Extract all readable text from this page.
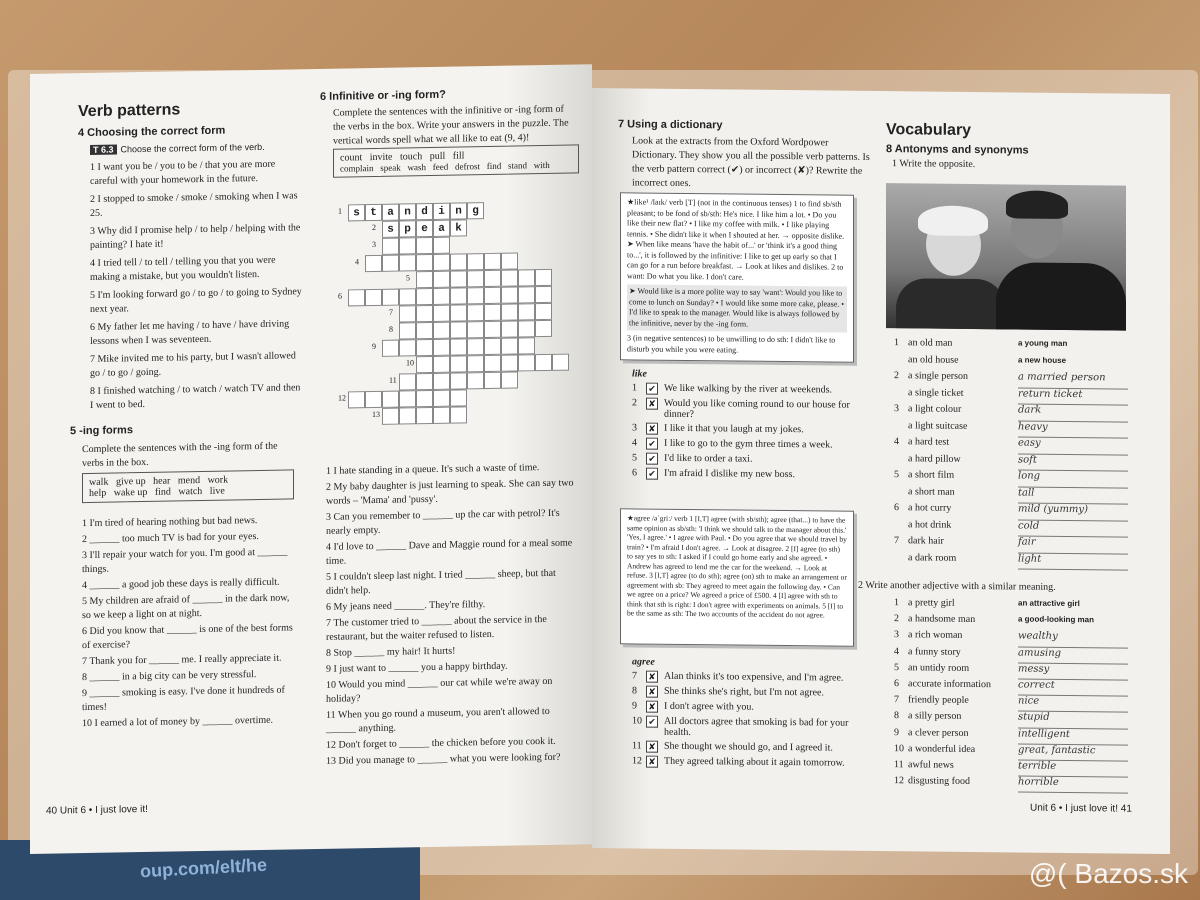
oup.com/elt/he
Verb patterns
4 Choosing the correct form
T 6.3 Choose the correct form of the verb.
1 I want you be / you to be / that you are more careful with your homework in the future.
2 I stopped to smoke / smoke / smoking when I was 25.
3 Why did I promise help / to help / helping with the painting? I hate it!
4 I tried tell / to tell / telling you that you were making a mistake, but you wouldn't listen.
5 I'm looking forward go / to go / to going to Sydney next year.
6 My father let me having / to have / have driving lessons when I was seventeen.
7 Mike invited me to his party, but I wasn't allowed go / to go / going.
8 I finished watching / to watch / watch TV and then I went to bed.
5 -ing forms
Complete the sentences with the -ing form of the verbs in the box.
walk   give up   hear   mend   work
help   wake up   find   watch   live
1 I'm tired of hearing nothing but bad news.
2 ______ too much TV is bad for your eyes.
3 I'll repair your watch for you. I'm good at ______ things.
4 ______ a good job these days is really difficult.
5 My children are afraid of ______ in the dark now, so we keep a light on at night.
6 Did you know that ______ is one of the best forms of exercise?
7 Thank you for ______ me. I really appreciate it.
8 ______ in a big city can be very stressful.
9 ______ smoking is easy. I've done it hundreds of times!
10 I earned a lot of money by ______ overtime.
6 Infinitive or -ing form?
Complete the sentences with the infinitive or -ing form of the verbs in the box. Write your answers in the puzzle. The vertical words spell what we all like to eat (9, 4)!
count   invite   touch   pull   fill
complain   speak   wash   feed   defrost   find   stand   with
1	s t a n d i n g
2	s p e a k
3
4
5
6
7
8
9
10
11
12
13
1 I hate standing in a queue. It's such a waste of time.
2 My baby daughter is just learning to speak. She can say two words – 'Mama' and 'pussy'.
3 Can you remember to ______ up the car with petrol? It's nearly empty.
4 I'd love to ______ Dave and Maggie round for a meal some time.
5 I couldn't sleep last night. I tried ______ sheep, but that didn't help.
6 My jeans need ______. They're filthy.
7 The customer tried to ______ about the service in the restaurant, but the waiter refused to listen.
8 Stop ______ my hair! It hurts!
9 I just want to ______ you a happy birthday.
10 Would you mind ______ our cat while we're away on holiday?
11 When you go round a museum, you aren't allowed to ______ anything.
12 Don't forget to ______ the chicken before you cook it.
13 Did you manage to ______ what you were looking for?
40 Unit 6 • I just love it!
7 Using a dictionary
Look at the extracts from the Oxford Wordpower Dictionary. They show you all the possible verb patterns. Is the verb pattern correct (✔) or incorrect (✘)? Rewrite the incorrect ones.
★like¹ /laɪk/ verb [T] (not in the continuous tenses) 1 to find sb/sth pleasant; to be fond of sb/sth: He's nice. I like him a lot. • Do you like their new flat? • I like my coffee with milk. • I like playing tennis. • She didn't like it when I shouted at her. → opposite dislike. ➤ When like means 'have the habit of...' or 'think it's a good thing to...', it is followed by the infinitive: I like to get up early so that I can go for a run before breakfast. → Look at likes and dislikes. 2 to want: Do what you like. I don't care.
➤ Would like is a more polite way to say 'want': Would you like to come to lunch on Sunday? • I would like some more cake, please. • I'd like to speak to the manager. Would like is always followed by the infinitive, never by the -ing form.
3 (in negative sentences) to be unwilling to do sth: I didn't like to disturb you while you were eating.
like
1	✔ We like walking by the river at weekends.
2	✘ Would you like coming round to our house for dinner?
3	✘ I like it that you laugh at my jokes.
4	✔ I like to go to the gym three times a week.
5	✔ I'd like to order a taxi.
6	✔ I'm afraid I dislike my new boss.
★agree /əˈgriː/ verb 1 [I,T] agree (with sb/sth); agree (that...) to have the same opinion as sb/sth: 'I think we should talk to the manager about this.' 'Yes, I agree.' • I agree with Paul. • Do you agree that we should travel by train? • I'm afraid I don't agree. → Look at disagree. 2 [I] agree (to sth) to say yes to sth: I asked if I could go home early and she agreed. • Andrew has agreed to lend me the car for the weekend. → Look at refuse. 3 [I,T] agree (to do sth); agree (on) sth to make an arrangement or agreement with sb: They agreed to meet again the following day. • Can we agree on a price? We agreed a price of £500. 4 [I] agree with sth to think that sth is right: I don't agree with experiments on animals. 5 [I] to be the same as sth: The two accounts of the accident do not agree.
agree
7	✘ Alan thinks it's too expensive, and I'm agree.
8	✘ She thinks she's right, but I'm not agree.
9	✘ I don't agree with you.
10 ✔ All doctors agree that smoking is bad for your health.
11 ✘ She thought we should go, and I agreed it.
12 ✘ They agreed talking about it again tomorrow.
Vocabulary
8 Antonyms and synonyms
1 Write the opposite.
1 an old man	a young man
an old house	a new house
2 a single person	a married person
a single ticket	return ticket
3 a light colour	dark
a light suitcase	heavy
4 a hard test	easy
a hard pillow	soft
5 a short film	long
a short man	tall
6 a hot curry	mild (yummy)
a hot drink	cold
7 dark hair	fair
a dark room	light
2 Write another adjective with a similar meaning.
1 a pretty girl	an attractive girl
2 a handsome man	a good-looking man
3 a rich woman	wealthy
4 a funny story	amusing
5 an untidy room	messy
6 accurate information	correct
7 friendly people	nice
8 a silly person	stupid
9 a clever person	intelligent
10 a wonderful idea	great, fantastic
11 awful news	terrible
12 disgusting food	horrible
Unit 6 • I just love it! 41
@( Bazos.sk
